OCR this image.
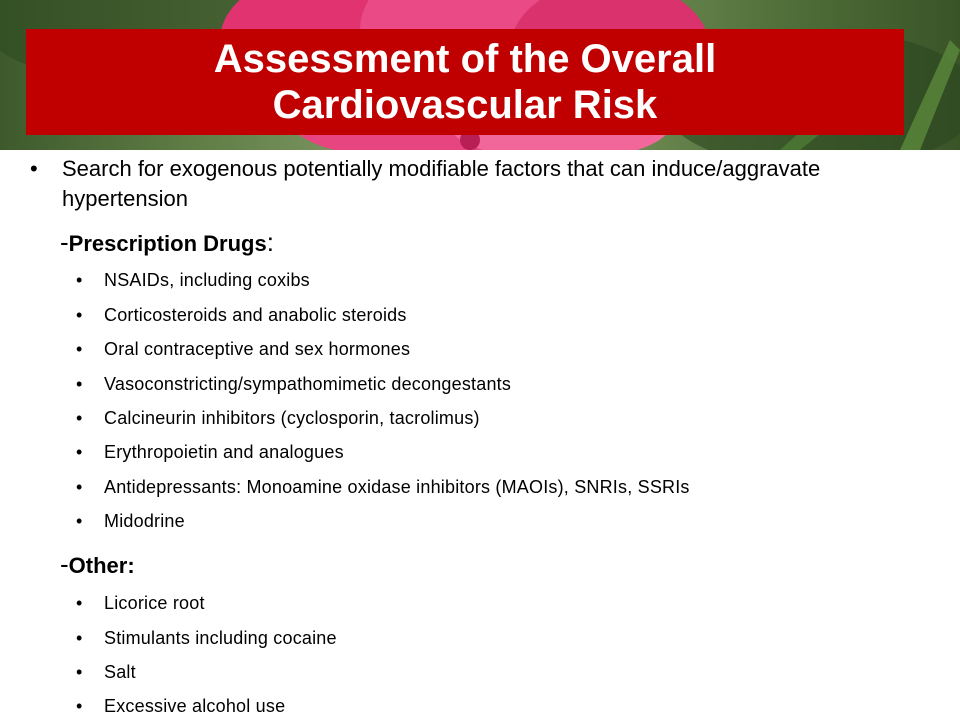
Assessment of the Overall
Cardiovascular Risk
• Search for exogenous potentially modifiable factors that can induce/aggravate hypertension
-Prescription Drugs:
• NSAIDs, including coxibs
• Corticosteroids and anabolic steroids
• Oral contraceptive and sex hormones
• Vasoconstricting/sympathomimetic decongestants
• Calcineurin inhibitors (cyclosporin, tacrolimus)
• Erythropoietin and analogues
• Antidepressants: Monoamine oxidase inhibitors (MAOIs), SNRIs, SSRIs
• Midodrine
-Other:
• Licorice root
• Stimulants including cocaine
• Salt
• Excessive alcohol use
